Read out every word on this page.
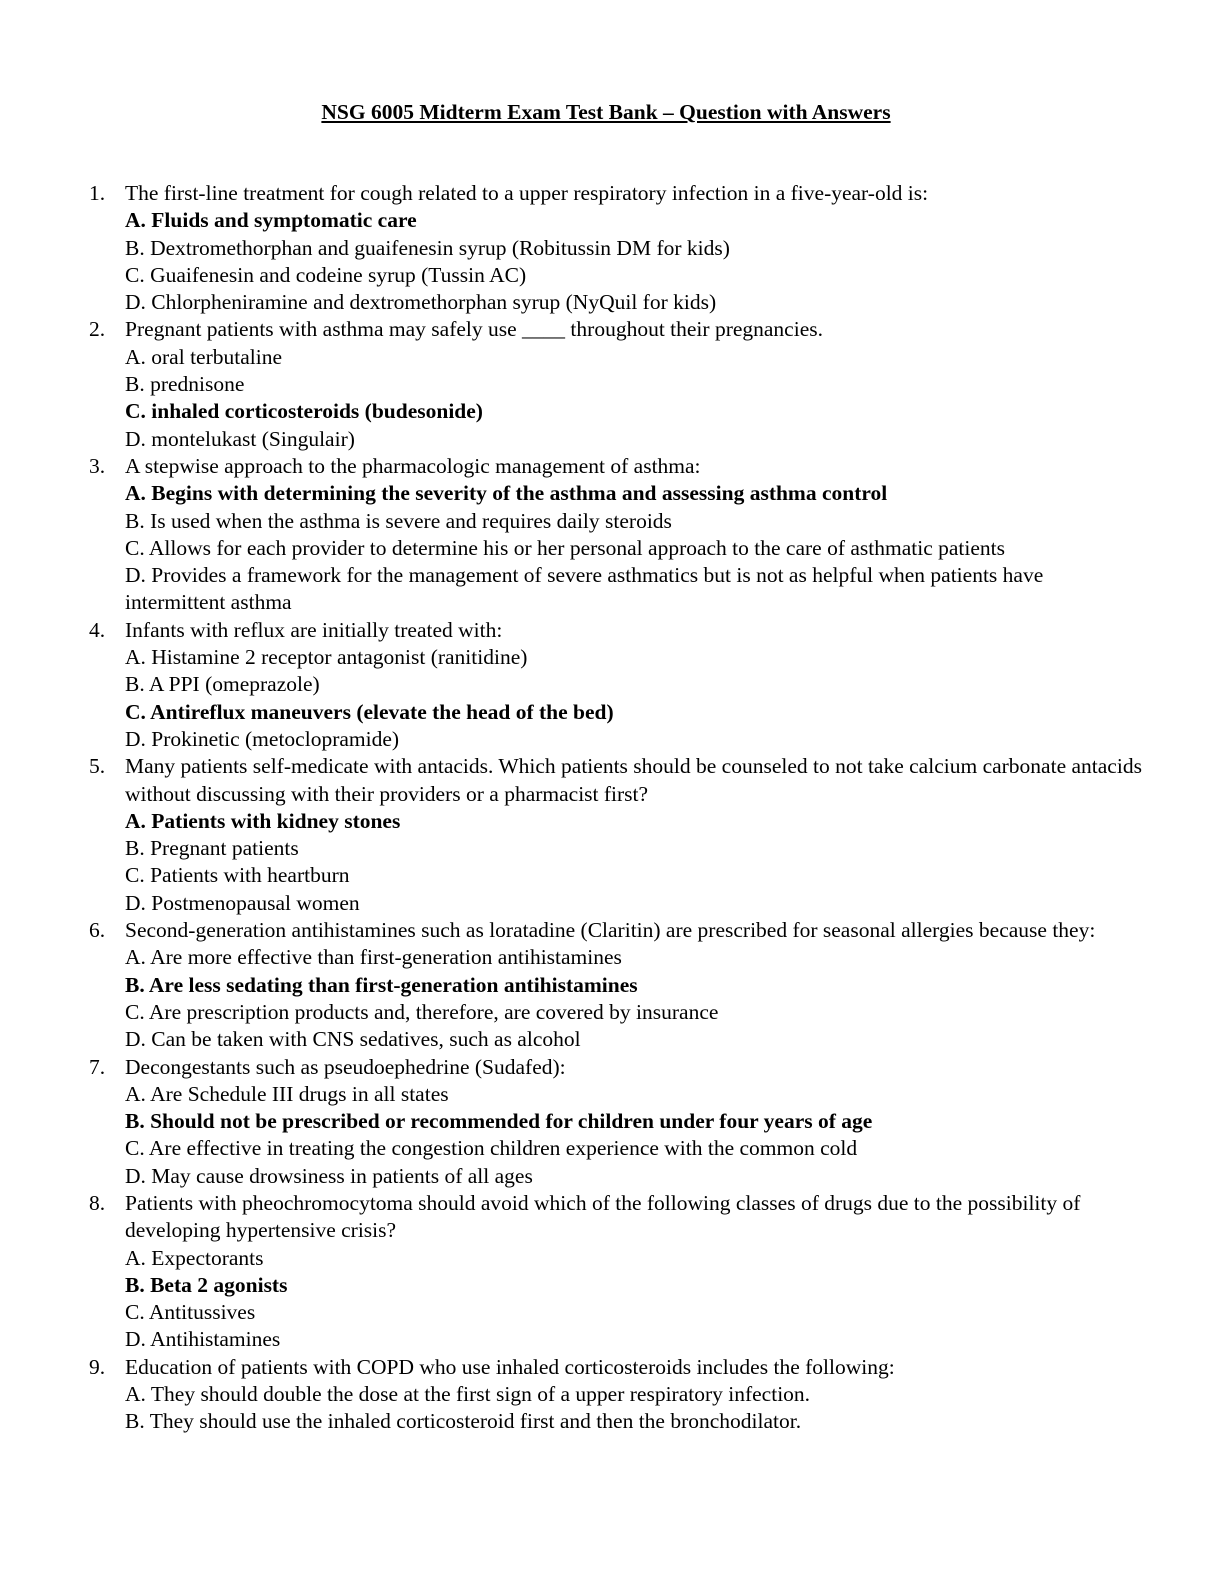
NSG 6005 Midterm Exam Test Bank – Question with Answers
1. The first-line treatment for cough related to a upper respiratory infection in a five-year-old is:
A. Fluids and symptomatic care
B. Dextromethorphan and guaifenesin syrup (Robitussin DM for kids)
C. Guaifenesin and codeine syrup (Tussin AC)
D. Chlorpheniramine and dextromethorphan syrup (NyQuil for kids)
2. Pregnant patients with asthma may safely use ____ throughout their pregnancies.
A. oral terbutaline
B. prednisone
C. inhaled corticosteroids (budesonide)
D. montelukast (Singulair)
3. A stepwise approach to the pharmacologic management of asthma:
A. Begins with determining the severity of the asthma and assessing asthma control
B. Is used when the asthma is severe and requires daily steroids
C. Allows for each provider to determine his or her personal approach to the care of asthmatic patients
D. Provides a framework for the management of severe asthmatics but is not as helpful when patients have intermittent asthma
4. Infants with reflux are initially treated with:
A. Histamine 2 receptor antagonist (ranitidine)
B. A PPI (omeprazole)
C. Antireflux maneuvers (elevate the head of the bed)
D. Prokinetic (metoclopramide)
5. Many patients self-medicate with antacids. Which patients should be counseled to not take calcium carbonate antacids without discussing with their providers or a pharmacist first?
A. Patients with kidney stones
B. Pregnant patients
C. Patients with heartburn
D. Postmenopausal women
6. Second-generation antihistamines such as loratadine (Claritin) are prescribed for seasonal allergies because they:
A. Are more effective than first-generation antihistamines
B. Are less sedating than first-generation antihistamines
C. Are prescription products and, therefore, are covered by insurance
D. Can be taken with CNS sedatives, such as alcohol
7. Decongestants such as pseudoephedrine (Sudafed):
A. Are Schedule III drugs in all states
B. Should not be prescribed or recommended for children under four years of age
C. Are effective in treating the congestion children experience with the common cold
D. May cause drowsiness in patients of all ages
8. Patients with pheochromocytoma should avoid which of the following classes of drugs due to the possibility of developing hypertensive crisis?
A. Expectorants
B. Beta 2 agonists
C. Antitussives
D. Antihistamines
9. Education of patients with COPD who use inhaled corticosteroids includes the following:
A. They should double the dose at the first sign of a upper respiratory infection.
B. They should use the inhaled corticosteroid first and then the bronchodilator.
